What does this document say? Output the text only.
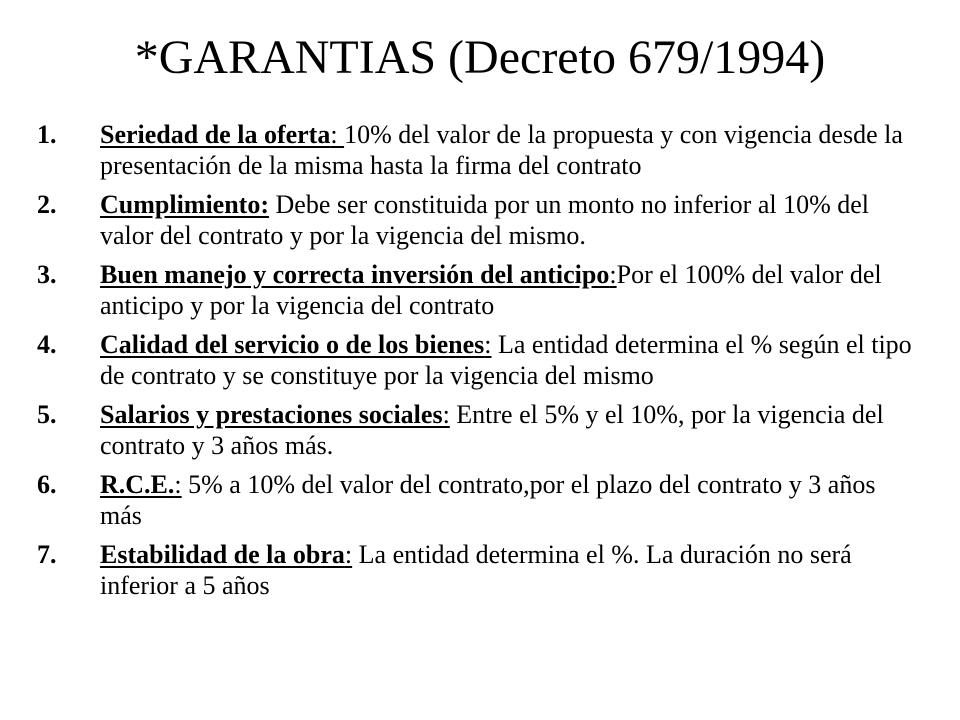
*GARANTIAS (Decreto 679/1994)
1. Seriedad de la oferta: 10% del valor de la propuesta y con vigencia desde la presentación de la misma hasta la firma del contrato
2. Cumplimiento: Debe ser constituida por un monto no inferior al 10% del valor del contrato y por la vigencia del mismo.
3. Buen manejo y correcta inversión del anticipo:Por el 100% del valor del anticipo y por la vigencia del contrato
4. Calidad del servicio o de los bienes: La entidad determina el % según el tipo de contrato y se constituye por la vigencia del mismo
5. Salarios y prestaciones sociales: Entre el 5% y el 10%, por la vigencia del contrato y 3 años más.
6. R.C.E.: 5% a 10% del valor del contrato,por el plazo del contrato y 3 años más
7. Estabilidad de la obra: La entidad determina el %. La duración no será inferior a 5 años
